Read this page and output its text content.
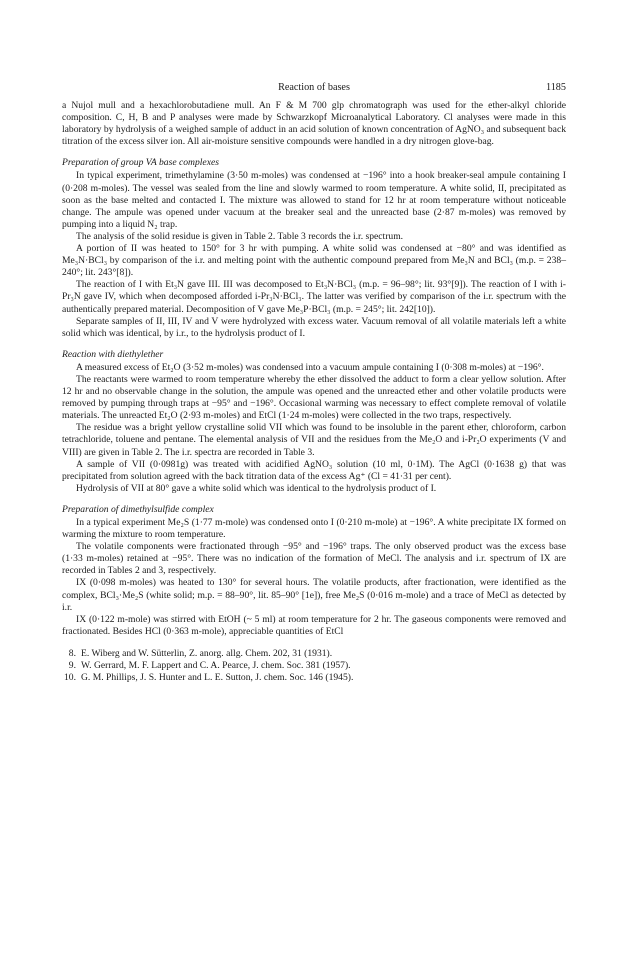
Reaction of bases	1185

a Nujol mull and a hexachlorobutadiene mull. An F & M 700 glp chromatograph was used for the ether-alkyl chloride composition. C, H, B and P analyses were made by Schwarzkopf Microanalytical Laboratory. Cl analyses were made in this laboratory by hydrolysis of a weighed sample of adduct in an acid solution of known concentration of AgNO₃ and subsequent back titration of the excess silver ion. All air-moisture sensitive compounds were handled in a dry nitrogen glove-bag.

Preparation of group VA base complexes

In typical experiment, trimethylamine (3·50 m-moles) was condensed at −196° into a hook breaker-seal ampule containing I (0·208 m-moles). The vessel was sealed from the line and slowly warmed to room temperature. A white solid, II, precipitated as soon as the base melted and contacted I. The mixture was allowed to stand for 12 hr at room temperature without noticeable change. The ampule was opened under vacuum at the breaker seal and the unreacted base (2·87 m-moles) was removed by pumping into a liquid N₂ trap.

The analysis of the solid residue is given in Table 2. Table 3 records the i.r. spectrum.

A portion of II was heated to 150° for 3 hr with pumping. A white solid was condensed at −80° and was identified as Me₃N·BCl₃ by comparison of the i.r. and melting point with the authentic compound prepared from Me₃N and BCl₃ (m.p. = 238–240°; lit. 243°[8]).

The reaction of I with Et₃N gave III. III was decomposed to Et₃N·BCl₃ (m.p. = 96–98°; lit. 93°[9]). The reaction of I with i-Pr₃N gave IV, which when decomposed afforded i-Pr₃N·BCl₃. The latter was verified by comparison of the i.r. spectrum with the authentically prepared material. Decomposition of V gave Me₃P·BCl₃ (m.p. = 245°; lit. 242[10]).

Separate samples of II, III, IV and V were hydrolyzed with excess water. Vacuum removal of all volatile materials left a white solid which was identical, by i.r., to the hydrolysis product of I.

Reaction with diethylether

A measured excess of Et₂O (3·52 m-moles) was condensed into a vacuum ampule containing I (0·308 m-moles) at −196°.

The reactants were warmed to room temperature whereby the ether dissolved the adduct to form a clear yellow solution. After 12 hr and no observable change in the solution, the ampule was opened and the unreacted ether and other volatile products were removed by pumping through traps at −95° and −196°. Occasional warming was necessary to effect complete removal of volatile materials. The unreacted Et₂O (2·93 m-moles) and EtCl (1·24 m-moles) were collected in the two traps, respectively.

The residue was a bright yellow crystalline solid VII which was found to be insoluble in the parent ether, chloroform, carbon tetrachloride, toluene and pentane. The elemental analysis of VII and the residues from the Me₂O and i-Pr₂O experiments (V and VIII) are given in Table 2. The i.r. spectra are recorded in Table 3.

A sample of VII (0·0981g) was treated with acidified AgNO₃ solution (10 ml, 0·1M). The AgCl (0·1638 g) that was precipitated from solution agreed with the back titration data of the excess Ag⁺ (Cl = 41·31 per cent).

Hydrolysis of VII at 80° gave a white solid which was identical to the hydrolysis product of I.

Preparation of dimethylsulfide complex

In a typical experiment Me₂S (1·77 m-mole) was condensed onto I (0·210 m-mole) at −196°. A white precipitate IX formed on warming the mixture to room temperature.

The volatile components were fractionated through −95° and −196° traps. The only observed product was the excess base (1·33 m-moles) retained at −95°. There was no indication of the formation of MeCl. The analysis and i.r. spectrum of IX are recorded in Tables 2 and 3, respectively.

IX (0·098 m-moles) was heated to 130° for several hours. The volatile products, after fractionation, were identified as the complex, BCl₃·Me₂S (white solid; m.p. = 88–90°, lit. 85–90° [1e]), free Me₂S (0·016 m-mole) and a trace of MeCl as detected by i.r.

IX (0·122 m-mole) was stirred with EtOH (~ 5 ml) at room temperature for 2 hr. The gaseous components were removed and fractionated. Besides HCl (0·363 m-mole), appreciable quantities of EtCl

8. E. Wiberg and W. Sütterlin, Z. anorg. allg. Chem. 202, 31 (1931).
9. W. Gerrard, M. F. Lappert and C. A. Pearce, J. chem. Soc. 381 (1957).
10. G. M. Phillips, J. S. Hunter and L. E. Sutton, J. chem. Soc. 146 (1945).
